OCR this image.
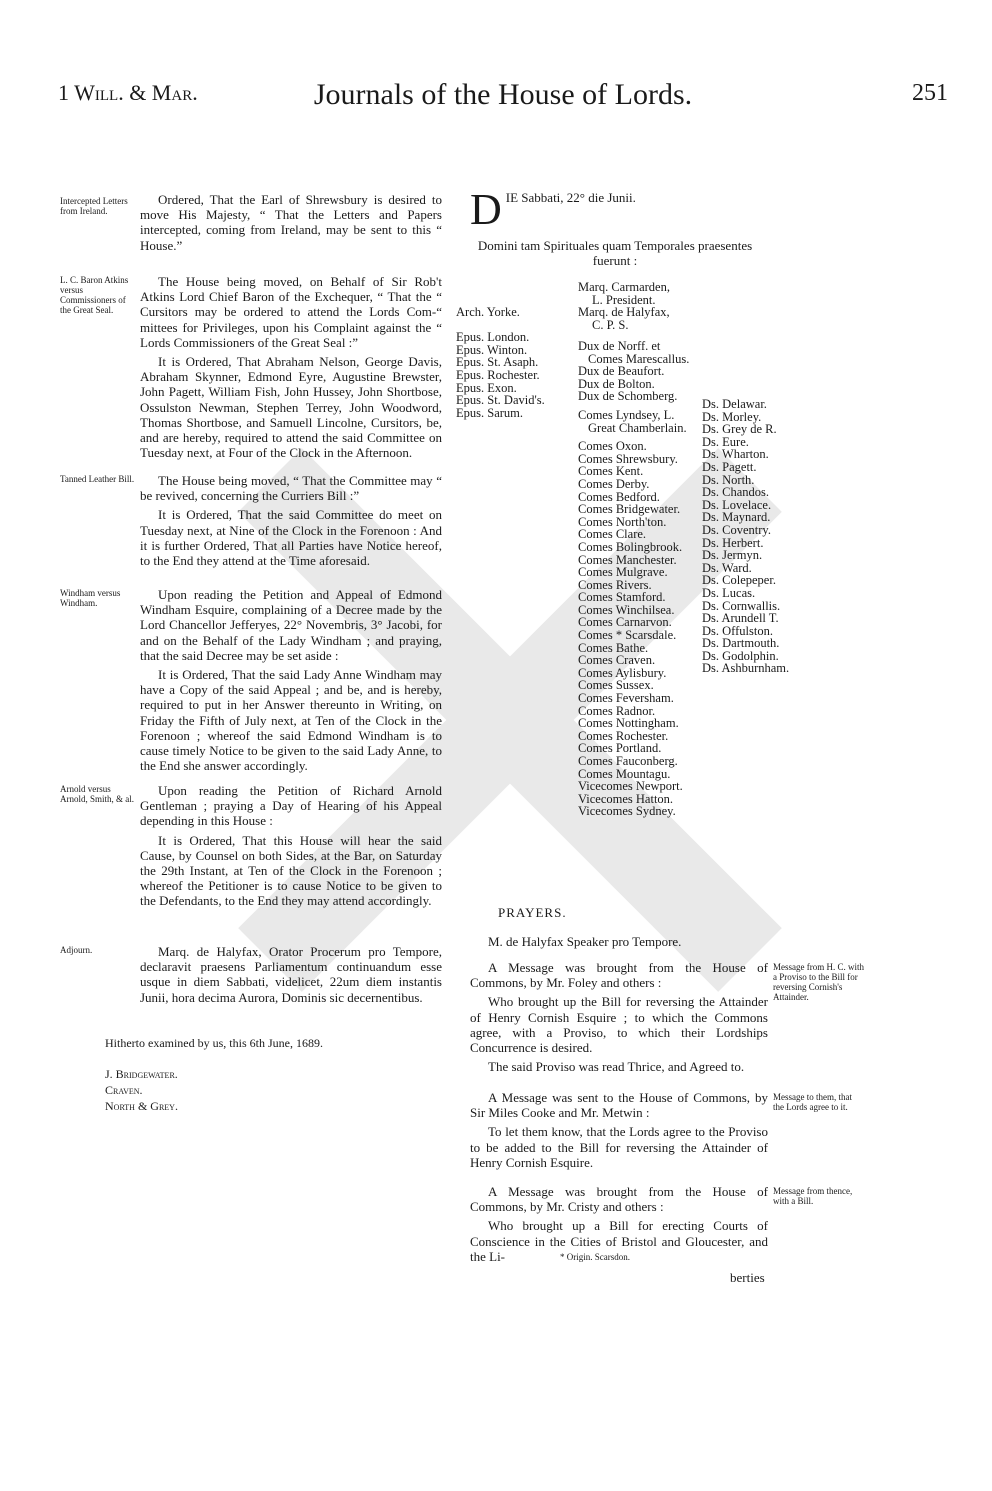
1 Will. & Mar.	Journals of the House of Lords.	251
Intercepted Letters from Ireland.

Ordered, That the Earl of Shrewsbury is desired to move His Majesty, “ That the Letters and Papers intercepted, coming from Ireland, may be sent to this “ House.”

L. C. Baron Atkins versus Commissioners of the Great Seal.

The House being moved, on Behalf of Sir Rob't Atkins Lord Chief Baron of the Exchequer, “ That the “ Cursitors may be ordered to attend the Lords Com-“ mittees for Privileges, upon his Complaint against the “ Lords Commissioners of the Great Seal :”

It is Ordered, That Abraham Nelson, George Davis, Abraham Skynner, Edmond Eyre, Augustine Brewster, John Pagett, William Fish, John Hussey, John Shortbose, Ossulston Newman, Stephen Terrey, John Woodword, Thomas Shortbose, and Samuell Lincolne, Cursitors, be, and are hereby, required to attend the said Committee on Tuesday next, at Four of the Clock in the Afternoon.

Tanned Leather Bill.	The House being moved, “ That the Committee may “ be revived, concerning the Curriers Bill :”

It is Ordered, That the said Committee do meet on Tuesday next, at Nine of the Clock in the Forenoon : And it is further Ordered, That all Parties have Notice hereof, to the End they attend at the Time aforesaid.

Windham versus Windham.

Upon reading the Petition and Appeal of Edmond Windham Esquire, complaining of a Decree made by the Lord Chancellor Jefferyes, 22° Novembris, 3° Jacobi, for and on the Behalf of the Lady Windham ; and praying, that the said Decree may be set aside :

It is Ordered, That the said Lady Anne Windham may have a Copy of the said Appeal ; and be, and is hereby, required to put in her Answer thereunto in Writing, on Friday the Fifth of July next, at Ten of the Clock in the Forenoon ; whereof the said Edmond Windham is to cause timely Notice to be given to the said Lady Anne, to the End she answer accordingly.

Arnold versus Arnold, Smith, & al.

Upon reading the Petition of Richard Arnold Gentleman ; praying a Day of Hearing of his Appeal depending in this House :

It is Ordered, That this House will hear the said Cause, by Counsel on both Sides, at the Bar, on Saturday the 29th Instant, at Ten of the Clock in the Forenoon ; whereof the Petitioner is to cause Notice to be given to the Defendants, to the End they may attend accordingly.

Adjourn.	Marq. de Halyfax, Orator Procerum pro Tempore, declaravit praesens Parliamentum continuandum esse usque in diem Sabbati, videlicet, 22um diem instantis Junii, hora decima Aurora, Dominis sic decernentibus.

Hitherto examined by us, this 6th June, 1689.
J. Bridgewater.
Craven.
North & Grey.
D IE Sabbati, 22° die Junii.
Domini tam Spirituales quam Temporales praesentes fuerunt :
Marq. Carmarden,
L. President.
Marq. de Halyfax,
C. P. S.
Arch. Yorke.
Epus. London.
Epus. Winton.
Epus. St. Asaph.
Epus. Rochester.
Epus. Exon.
Epus. St. David's.
Epus. Sarum.
Dux de Norff. et
Comes Marescallus.
Dux de Beaufort.
Dux de Bolton.
Dux de Schomberg.
Comes Lyndsey, L.
Great Chamberlain.
Comes Oxon.
Comes Shrewsbury.
Comes Kent.
Comes Derby.
Comes Bedford.
Comes Bridgewater.
Comes North'ton.
Comes Clare.
Comes Bolingbrook.
Comes Manchester.
Comes Mulgrave.
Comes Rivers.
Comes Stamford.
Comes Winchilsea.
Comes Carnarvon.
Comes * Scarsdale.
Comes Bathe.
Comes Craven.
Comes Aylisbury.
Comes Sussex.
Comes Feversham.
Comes Radnor.
Comes Nottingham.
Comes Rochester.
Comes Portland.
Comes Fauconberg.
Comes Mountagu.
Vicecomes Newport.
Vicecomes Hatton.
Vicecomes Sydney.
Ds. Delawar.
Ds. Morley.
Ds. Grey de R.
Ds. Eure.
Ds. Wharton.
Ds. Pagett.
Ds. North.
Ds. Chandos.
Ds. Lovelace.
Ds. Maynard.
Ds. Coventry.
Ds. Herbert.
Ds. Jermyn.
Ds. Ward.
Ds. Colepeper.
Ds. Lucas.
Ds. Cornwallis.
Ds. Arundell T.
Ds. Offulston.
Ds. Dartmouth.
Ds. Godolphin.
Ds. Ashburnham.
PRAYERS.
M. de Halyfax Speaker pro Tempore.
Message from H. C. with a Proviso to the Bill for reversing Cornish's Attainder.

A Message was brought from the House of Commons, by Mr. Foley and others :

Who brought up the Bill for reversing the Attainder of Henry Cornish Esquire ; to which the Commons agree, with a Proviso, to which their Lordships Concurrence is desired.

The said Proviso was read Thrice, and Agreed to.

Message to them, that the Lords agree to it.

A Message was sent to the House of Commons, by Sir Miles Cooke and Mr. Metwin :

To let them know, that the Lords agree to the Proviso to be added to the Bill for reversing the Attainder of Henry Cornish Esquire.

Message from thence, with a Bill.

A Message was brought from the House of Commons, by Mr. Cristy and others :

Who brought up a Bill for erecting Courts of Conscience in the Cities of Bristol and Gloucester, and the Li-	* Origin. Scarsdon.
berties
